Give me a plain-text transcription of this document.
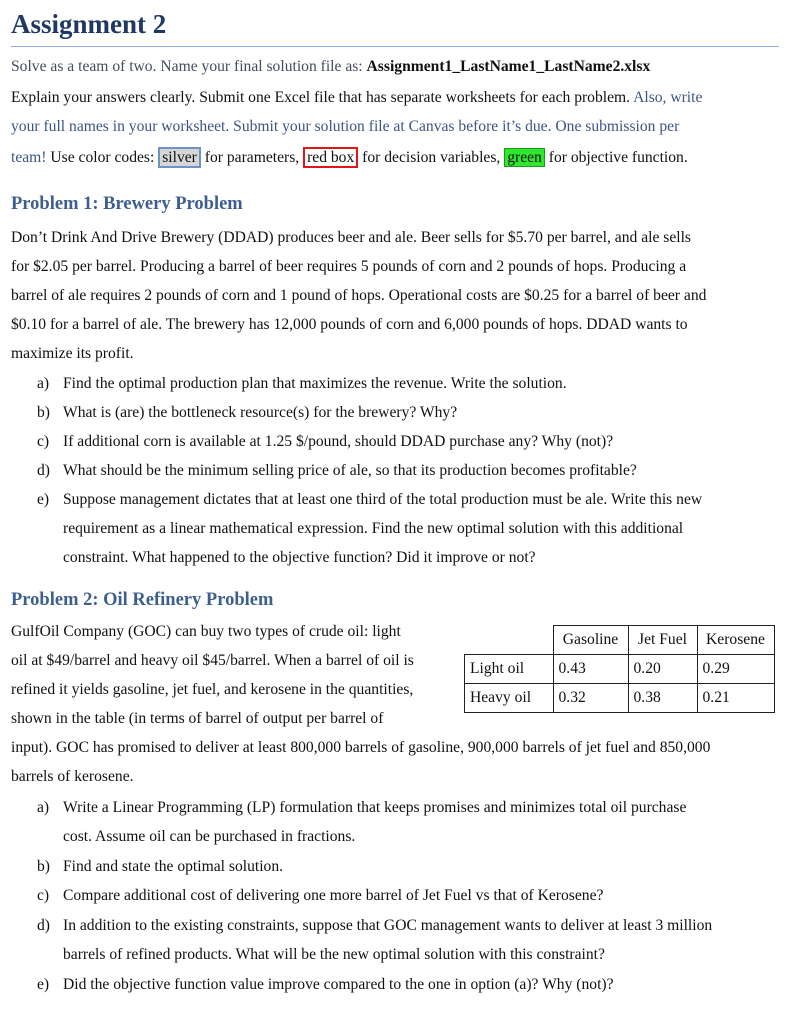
Assignment 2
Solve as a team of two. Name your final solution file as: Assignment1_LastName1_LastName2.xlsx
Explain your answers clearly. Submit one Excel file that has separate worksheets for each problem. Also, write
your full names in your worksheet. Submit your solution file at Canvas before it’s due. One submission per
team! Use color codes: silver for parameters, red box for decision variables, green for objective function.
Problem 1: Brewery Problem
Don’t Drink And Drive Brewery (DDAD) produces beer and ale. Beer sells for $5.70 per barrel, and ale sells
for $2.05 per barrel. Producing a barrel of beer requires 5 pounds of corn and 2 pounds of hops. Producing a
barrel of ale requires 2 pounds of corn and 1 pound of hops. Operational costs are $0.25 for a barrel of beer and
$0.10 for a barrel of ale. The brewery has 12,000 pounds of corn and 6,000 pounds of hops. DDAD wants to
maximize its profit.
a) Find the optimal production plan that maximizes the revenue. Write the solution.
b) What is (are) the bottleneck resource(s) for the brewery? Why?
c) If additional corn is available at 1.25 $/pound, should DDAD purchase any? Why (not)?
d) What should be the minimum selling price of ale, so that its production becomes profitable?
e) Suppose management dictates that at least one third of the total production must be ale. Write this new
requirement as a linear mathematical expression. Find the new optimal solution with this additional
constraint. What happened to the objective function? Did it improve or not?
Problem 2: Oil Refinery Problem
GulfOil Company (GOC) can buy two types of crude oil: light
oil at $49/barrel and heavy oil $45/barrel. When a barrel of oil is
refined it yields gasoline, jet fuel, and kerosene in the quantities,
shown in the table (in terms of barrel of output per barrel of
input). GOC has promised to deliver at least 800,000 barrels of gasoline, 900,000 barrels of jet fuel and 850,000
barrels of kerosene.
	Gasoline	Jet Fuel	Kerosene
Light oil	0.43	0.20	0.29
Heavy oil	0.32	0.38	0.21
a) Write a Linear Programming (LP) formulation that keeps promises and minimizes total oil purchase
cost. Assume oil can be purchased in fractions.
b) Find and state the optimal solution.
c) Compare additional cost of delivering one more barrel of Jet Fuel vs that of Kerosene?
d) In addition to the existing constraints, suppose that GOC management wants to deliver at least 3 million
barrels of refined products. What will be the new optimal solution with this constraint?
e) Did the objective function value improve compared to the one in option (a)? Why (not)?
